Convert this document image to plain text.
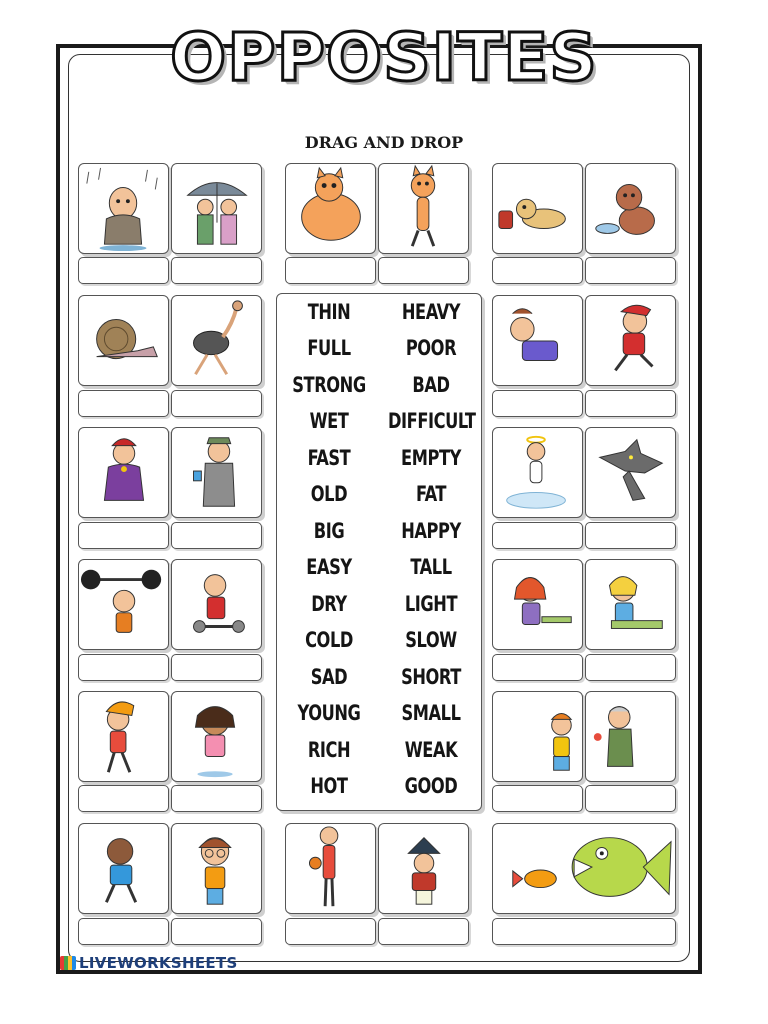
OPPOSITES
DRAG AND DROP
THIN	HEAVY
FULL	POOR
STRONG	BAD
WET	DIFFICULT
FAST	EMPTY
OLD	FAT
BIG	HAPPY
EASY	TALL
DRY	LIGHT
COLD	SLOW
SAD	SHORT
YOUNG	SMALL
RICH	WEAK
HOT	GOOD
LIVEWORKSHEETS
